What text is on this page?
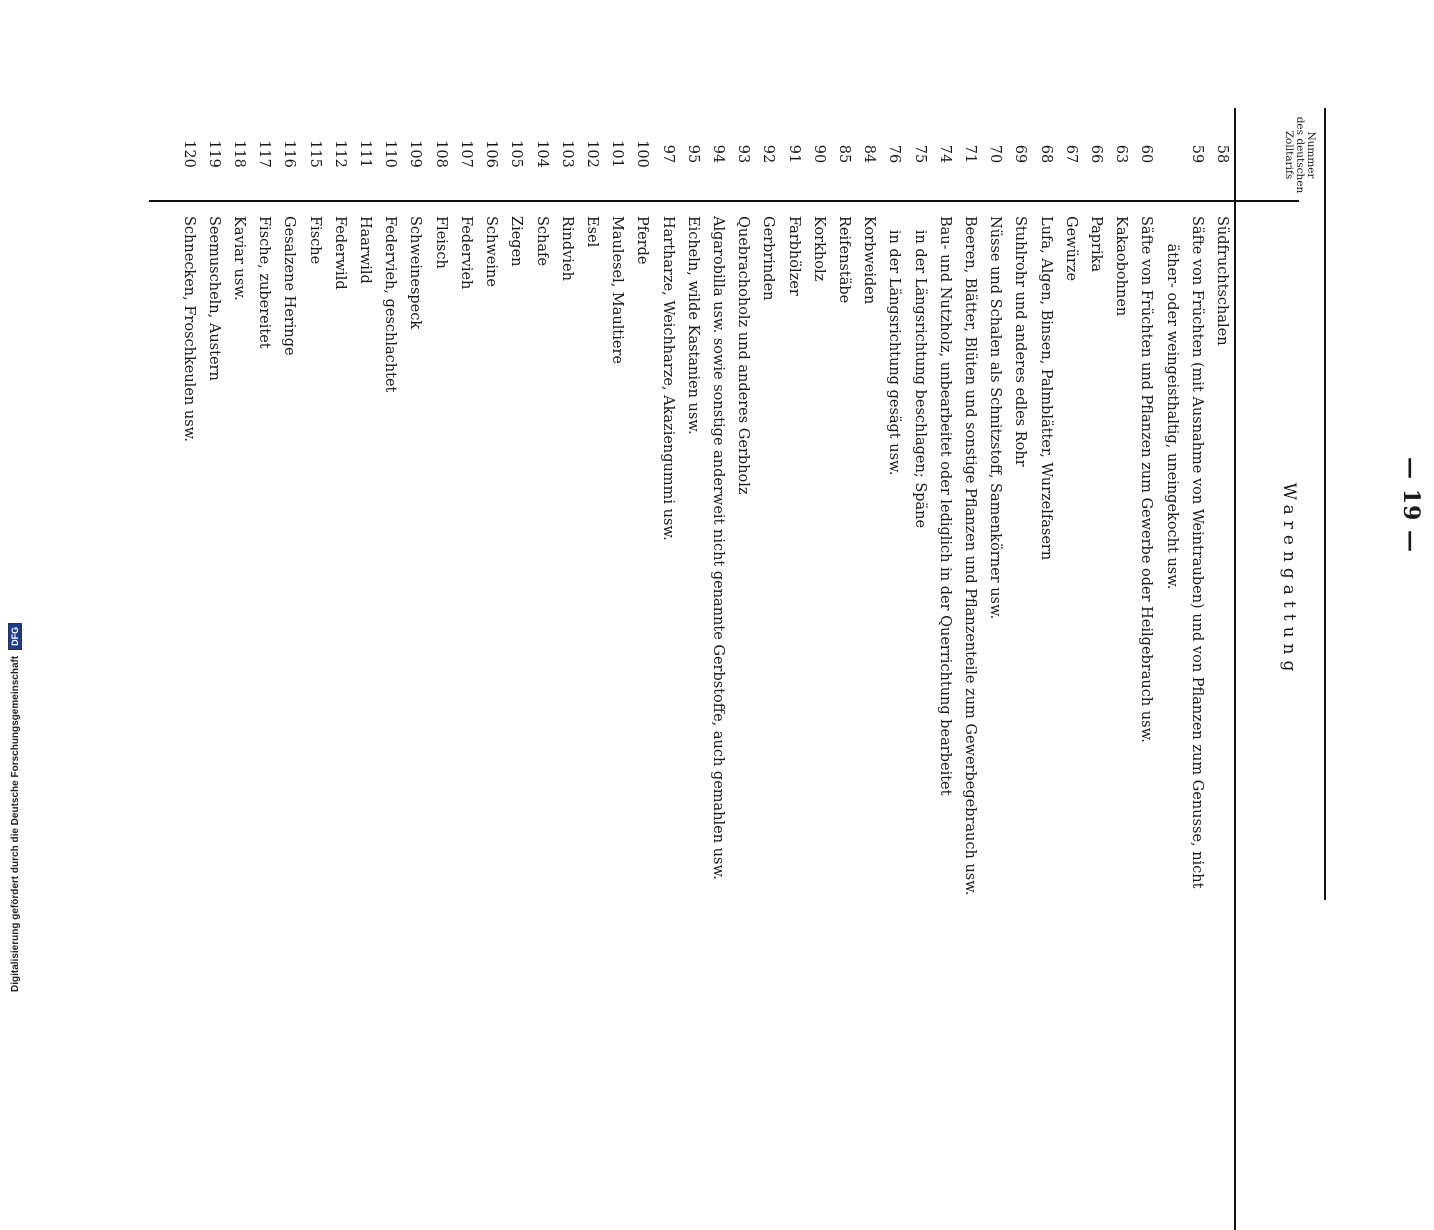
— 19 —
Nummer
des deutschen
Zolltarifs
Warengattung
58
Südfruchtschalen
59
Säfte von Früchten (mit Ausnahme von Weintrauben) und von Pflanzen zum Genusse, nicht
äther- oder weingeisthaltig, uneingekocht usw.
60
Säfte von Früchten und Pflanzen zum Gewerbe oder Heilgebrauch usw.
63
Kakaobohnen
66
Paprika
67
Gewürze
68
Lufa, Algen, Binsen, Palmblätter, Wurzelfasern
69
Stuhlrohr und anderes edles Rohr
70
Nüsse und Schalen als Schnitzstoff, Samenkörner usw.
71
Beeren, Blätter, Blüten und sonstige Pflanzen und Pflanzenteile zum Gewerbegebrauch usw.
74
Bau- und Nutzholz, unbearbeitet oder lediglich in der Querrichtung bearbeitet
75
in der Längsrichtung beschlagen; Späne
76
in der Längsrichtung gesägt usw.
84
Korbweiden
85
Reifenstäbe
90
Korkholz
91
Farbhölzer
92
Gerbrinden
93
Quebrachoholz und anderes Gerbholz
94
Algarobilla usw. sowie sonstige anderweit nicht genannte Gerbstoffe, auch gemahlen usw.
95
Eicheln, wilde Kastanien usw.
97
Hartharze, Weichharze, Akaziengummi usw.
100
Pferde
101
Maulesel, Maultiere
102
Esel
103
Rindvieh
104
Schafe
105
Ziegen
106
Schweine
107
Federvieh
108
Fleisch
109
Schweinespeck
110
Federvieh, geschlachtet
111
Haarwild
112
Federwild
115
Fische
116
Gesalzene Heringe
117
Fische, zubereitet
118
Kaviar usw.
119
Seemuscheln, Austern
120
Schnecken, Froschkeulen usw.
Digitalisierung gefördert durch die Deutsche Forschungsgemeinschaft
DFG
